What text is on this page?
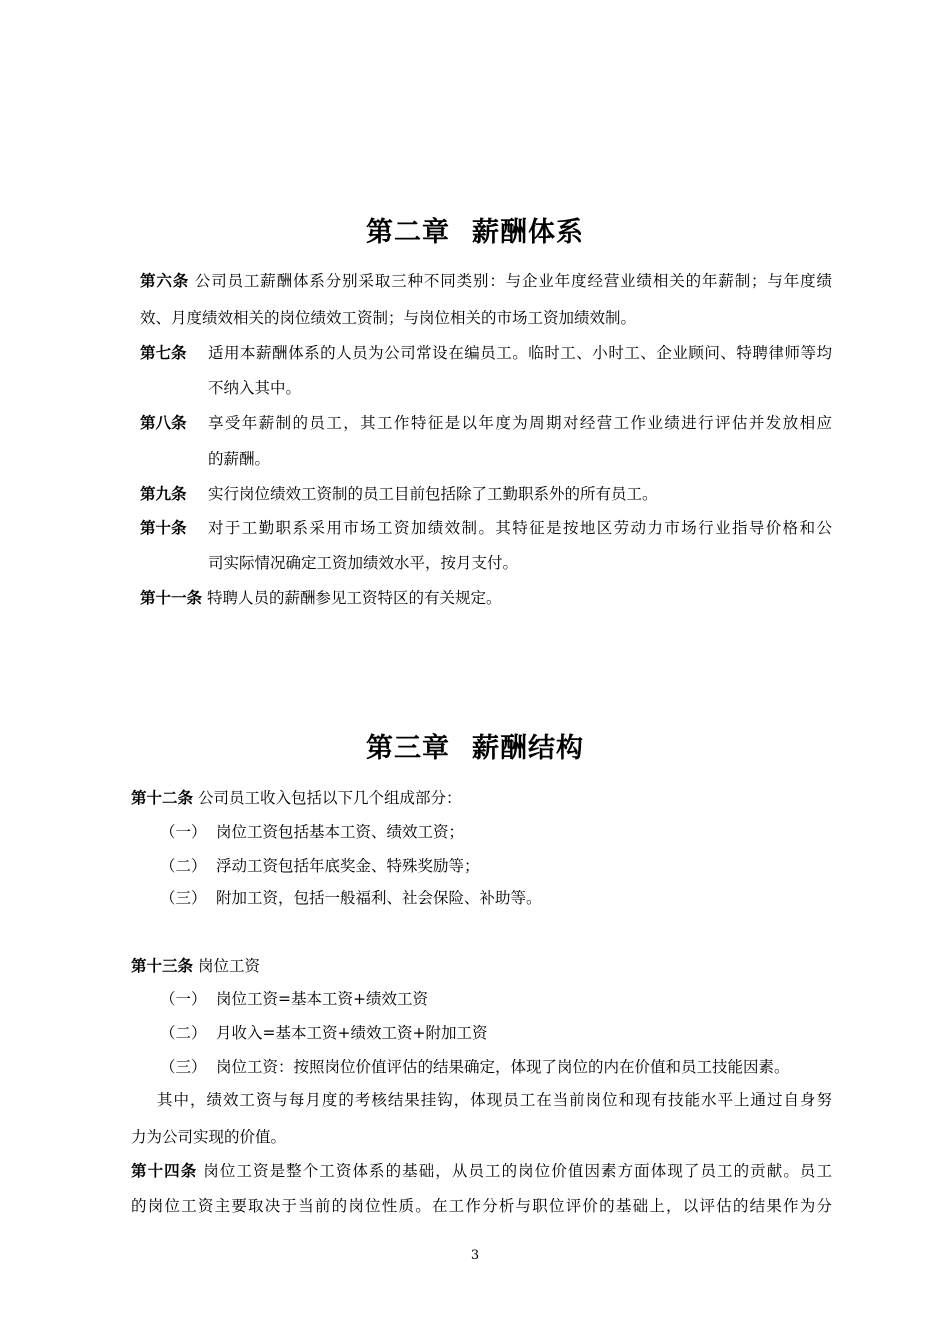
第二章 薪酬体系
第六条 公司员工薪酬体系分别采取三种不同类别：与企业年度经营业绩相关的年薪制；与年度绩
效、月度绩效相关的岗位绩效工资制；与岗位相关的市场工资加绩效制。
第七条 适用本薪酬体系的人员为公司常设在编员工。临时工、小时工、企业顾问、特聘律师等均
不纳入其中。
第八条 享受年薪制的员工，其工作特征是以年度为周期对经营工作业绩进行评估并发放相应
的薪酬。
第九条 实行岗位绩效工资制的员工目前包括除了工勤职系外的所有员工。
第十条 对于工勤职系采用市场工资加绩效制。其特征是按地区劳动力市场行业指导价格和公
司实际情况确定工资加绩效水平，按月支付。
第十一条 特聘人员的薪酬参见工资特区的有关规定。
第三章 薪酬结构
第十二条 公司员工收入包括以下几个组成部分：
（一） 岗位工资包括基本工资、绩效工资；
（二） 浮动工资包括年底奖金、特殊奖励等；
（三） 附加工资，包括一般福利、社会保险、补助等。
第十三条 岗位工资
（一） 岗位工资=基本工资+绩效工资
（二） 月收入=基本工资+绩效工资+附加工资
（三） 岗位工资：按照岗位价值评估的结果确定，体现了岗位的内在价值和员工技能因素。
其中，绩效工资与每月度的考核结果挂钩，体现员工在当前岗位和现有技能水平上通过自身努
力为公司实现的价值。
第十四条 岗位工资是整个工资体系的基础，从员工的岗位价值因素方面体现了员工的贡献。员工
的岗位工资主要取决于当前的岗位性质。在工作分析与职位评价的基础上，以评估的结果作为分
3
